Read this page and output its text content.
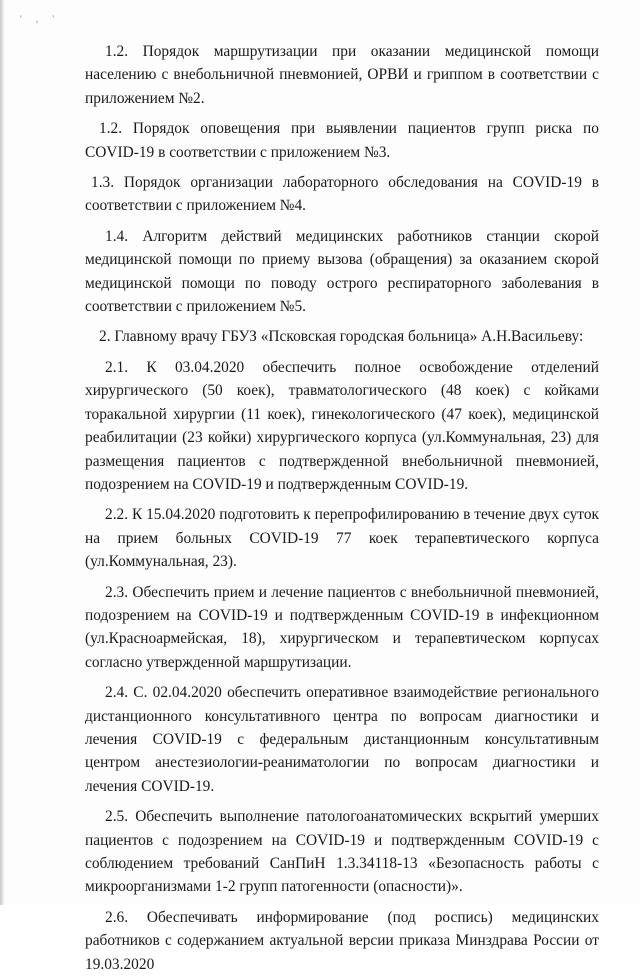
' , '

1.2. Порядок маршрутизации при оказании медицинской помощи населению с внебольничной пневмонией, ОРВИ и гриппом в соответствии с приложением №2.

1.2. Порядок оповещения при выявлении пациентов групп риска по COVID-19 в соответствии с приложением №3.

1.3. Порядок организации лабораторного обследования на COVID-19 в соответствии с приложением №4.

1.4. Алгоритм действий медицинских работников станции скорой медицинской помощи по приему вызова (обращения) за оказанием скорой медицинской помощи по поводу острого респираторного заболевания в соответствии с приложением №5.

2. Главному врачу ГБУЗ «Псковская городская больница» А.Н.Васильеву:

2.1. К 03.04.2020 обеспечить полное освобождение отделений хирургического (50 коек), травматологического (48 коек) с койками торакальной хирургии (11 коек), гинекологического (47 коек), медицинской реабилитации (23 койки) хирургического корпуса (ул.Коммунальная, 23) для размещения пациентов с подтвержденной внебольничной пневмонией, подозрением на COVID-19 и подтвержденным COVID-19.

2.2. К 15.04.2020 подготовить к перепрофилированию в течение двух суток на прием больных COVID-19 77 коек терапевтического корпуса (ул.Коммунальная, 23).

2.3. Обеспечить прием и лечение пациентов с внебольничной пневмонией, подозрением на COVID-19 и подтвержденным COVID-19 в инфекционном (ул.Красноармейская, 18), хирургическом и терапевтическом корпусах согласно утвержденной маршрутизации.

2.4. С. 02.04.2020 обеспечить оперативное взаимодействие регионального дистанционного консультативного центра по вопросам диагностики и лечения COVID-19 с федеральным дистанционным консультативным центром анестезиологии-реаниматологии по вопросам диагностики и лечения COVID-19.

2.5. Обеспечить выполнение патологоанатомических вскрытий умерших пациентов с подозрением на COVID-19 и подтвержденным COVID-19 с соблюдением требований СанПиН 1.3.34118-13 «Безопасность работы с микроорганизмами 1-2 групп патогенности (опасности)».

2.6. Обеспечивать информирование (под роспись) медицинских работников с содержанием актуальной версии приказа Минздрава России от 19.03.2020
